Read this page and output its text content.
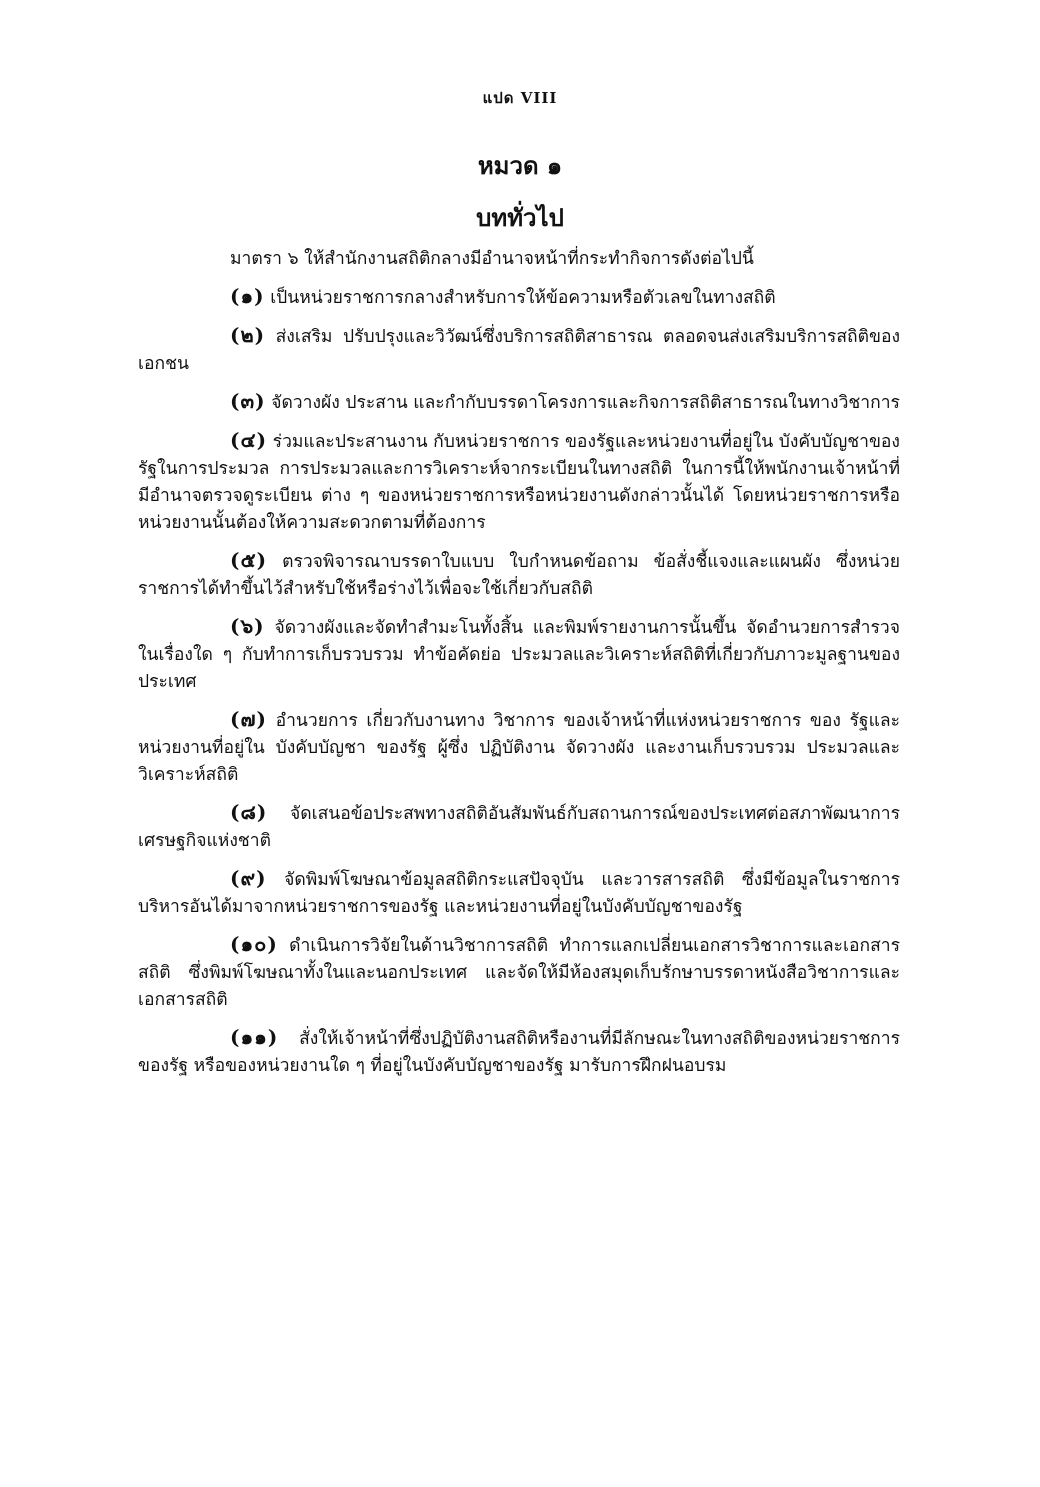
แปด VIII
หมวด ๑
บททั่วไป

มาตรา ๖ ให้สำนักงานสถิติกลางมีอำนาจหน้าที่กระทำกิจการดังต่อไปนี้

(๑) เป็นหน่วยราชการกลางสำหรับการให้ข้อความหรือตัวเลขในทางสถิติ

(๒) ส่งเสริม ปรับปรุงและวิวัฒน์ซึ่งบริการสถิติสาธารณ ตลอดจนส่งเสริมบริการสถิติของเอกชน

(๓) จัดวางผัง ประสาน และกำกับบรรดาโครงการและกิจการสถิติสาธารณในทางวิชาการ

(๔) ร่วมและประสานงาน กับหน่วยราชการ ของรัฐและหน่วยงานที่อยู่ใน บังคับบัญชาของรัฐในการประมวล การประมวลและการวิเคราะห์จากระเบียนในทางสถิติ ในการนี้ให้พนักงานเจ้าหน้าที่มีอำนาจตรวจดูระเบียน ต่าง ๆ ของหน่วยราชการหรือหน่วยงานดังกล่าวนั้นได้ โดยหน่วยราชการหรือหน่วยงานนั้นต้องให้ความสะดวกตามที่ต้องการ

(๕) ตรวจพิจารณาบรรดาใบแบบ ใบกำหนดข้อถาม ข้อสั่งชี้แจงและแผนผัง ซึ่งหน่วยราชการได้ทำขึ้นไว้สำหรับใช้หรือร่างไว้เพื่อจะใช้เกี่ยวกับสถิติ

(๖) จัดวางผังและจัดทำสำมะโนทั้งสิ้น และพิมพ์รายงานการนั้นขึ้น จัดอำนวยการสำรวจในเรื่องใด ๆ กับทำการเก็บรวบรวม ทำข้อคัดย่อ ประมวลและวิเคราะห์สถิติที่เกี่ยวกับภาวะมูลฐานของประเทศ

(๗) อำนวยการ เกี่ยวกับงานทาง วิชาการ ของเจ้าหน้าที่แห่งหน่วยราชการ ของ รัฐและหน่วยงานที่อยู่ใน บังคับบัญชา ของรัฐ ผู้ซึ่ง ปฏิบัติงาน จัดวางผัง และงานเก็บรวบรวม ประมวลและวิเคราะห์สถิติ

(๘) จัดเสนอข้อประสพทางสถิติอันสัมพันธ์กับสถานการณ์ของประเทศต่อสภาพัฒนาการเศรษฐกิจแห่งชาติ

(๙) จัดพิมพ์โฆษณาข้อมูลสถิติกระแสปัจจุบัน และวารสารสถิติ ซึ่งมีข้อมูลในราชการบริหารอันได้มาจากหน่วยราชการของรัฐ และหน่วยงานที่อยู่ในบังคับบัญชาของรัฐ

(๑๐) ดำเนินการวิจัยในด้านวิชาการสถิติ ทำการแลกเปลี่ยนเอกสารวิชาการและเอกสารสถิติ ซึ่งพิมพ์โฆษณาทั้งในและนอกประเทศ และจัดให้มีห้องสมุดเก็บรักษาบรรดาหนังสือวิชาการและเอกสารสถิติ

(๑๑) สั่งให้เจ้าหน้าที่ซึ่งปฏิบัติงานสถิติหรืองานที่มีลักษณะในทางสถิติของหน่วยราชการของรัฐ หรือของหน่วยงานใด ๆ ที่อยู่ในบังคับบัญชาของรัฐ มารับการฝึกฝนอบรม
